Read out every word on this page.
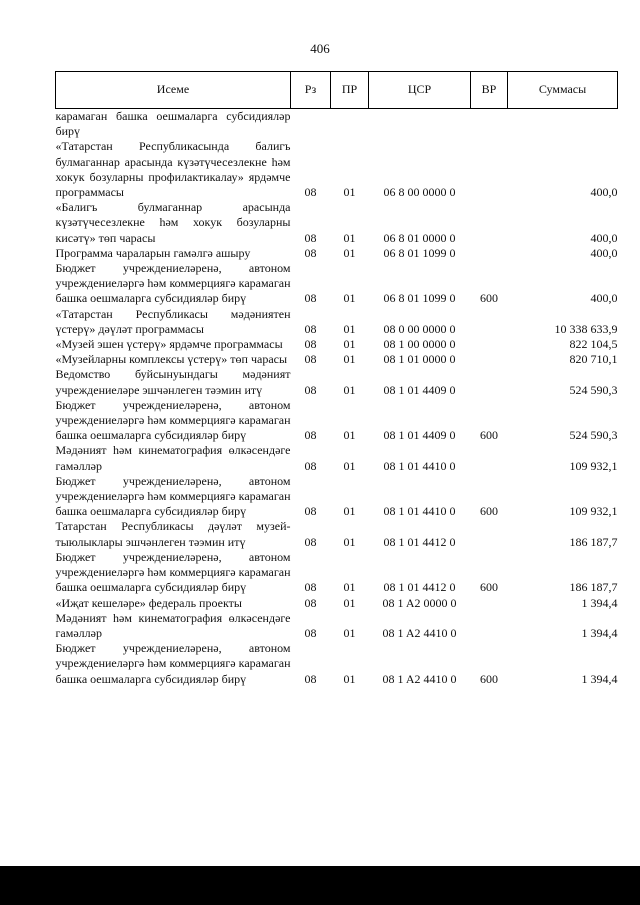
406
Исеме	Рз	ПР	ЦСР	ВР	Суммасы
карамаган башка оешмаларга субсидияләр бирү					
«Татарстан Республикасында балигъ булмаганнар арасында күзәтүчесезлекне һәм хокук бозуларны профилактикалау» ярдәмче программасы	08	01	06 8 00 0000 0		400,0
«Балигъ булмаганнар арасында күзәтүчесезлекне һәм хокук бозуларны кисәтү» төп чарасы	08	01	06 8 01 0000 0		400,0
Программа чараларын гамәлгә ашыру	08	01	06 8 01 1099 0		400,0
Бюджет учреждениеләренә, автоном учреждениеләргә һәм коммерциягә карамаган башка оешмаларга субсидияләр бирү	08	01	06 8 01 1099 0	600	400,0
«Татарстан Республикасы мәдәниятен үстерү» дәүләт программасы	08	01	08 0 00 0000 0		10 338 633,9
«Музей эшен үстерү» ярдәмче программасы	08	01	08 1 00 0000 0		822 104,5
«Музейларны комплексы үстерү» төп чарасы	08	01	08 1 01 0000 0		820 710,1
Ведомство буйсынуындагы мәдәният учреждениеләре эшчәнлеген тәэмин итү	08	01	08 1 01 4409 0		524 590,3
Бюджет учреждениеләренә, автоном учреждениеләргә һәм коммерциягә карамаган башка оешмаларга субсидияләр бирү	08	01	08 1 01 4409 0	600	524 590,3
Мәдәният һәм кинематография өлкәсендәге гамәлләр	08	01	08 1 01 4410 0		109 932,1
Бюджет учреждениеләренә, автоном учреждениеләргә һәм коммерциягә карамаган башка оешмаларга субсидияләр бирү	08	01	08 1 01 4410 0	600	109 932,1
Татарстан Республикасы дәүләт музей-тыюлыклары эшчәнлеген тәэмин итү	08	01	08 1 01 4412 0		186 187,7
Бюджет учреждениеләренә, автоном учреждениеләргә һәм коммерциягә карамаган башка оешмаларга субсидияләр бирү	08	01	08 1 01 4412 0	600	186 187,7
«Иҗат кешеләре» федераль проекты	08	01	08 1 A2 0000 0		1 394,4
Мәдәният һәм кинематография өлкәсендәге гамәлләр	08	01	08 1 A2 4410 0		1 394,4
Бюджет учреждениеләренә, автоном учреждениеләргә һәм коммерциягә карамаган башка оешмаларга субсидияләр бирү	08	01	08 1 A2 4410 0	600	1 394,4
